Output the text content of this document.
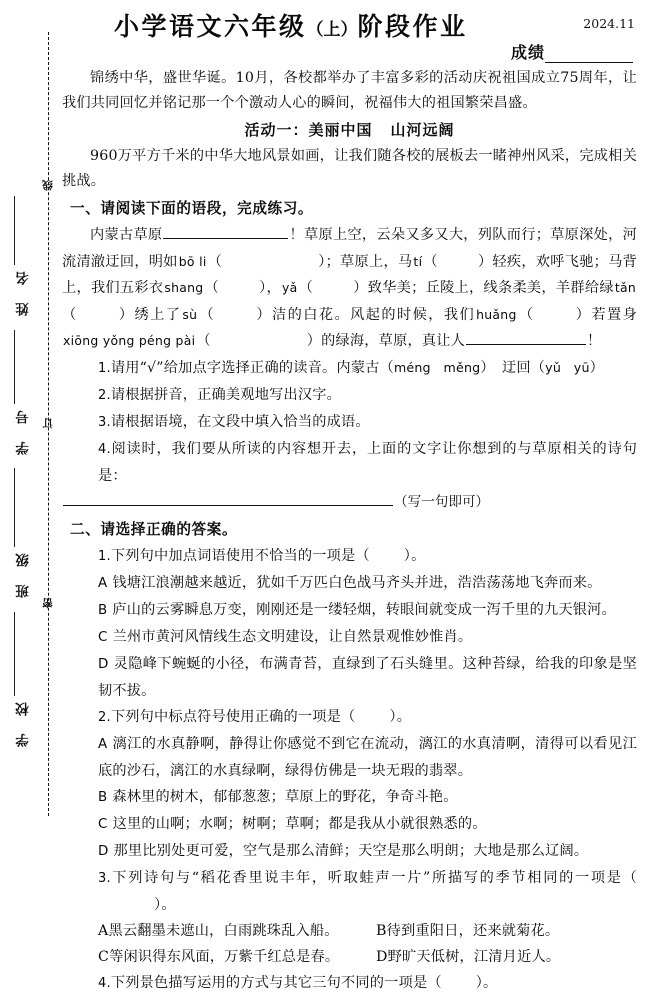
线
订
密
姓　名
学　号
班　级
学　校
小学语文六年级（上）阶段作业	2024.11
成绩

锦绣中华，盛世华诞。10月，各校都举办了丰富多彩的活动庆祝祖国成立75周年，让我们共同回忆并铭记那一个个激动人心的瞬间，祝福伟大的祖国繁荣昌盛。

活动一：美丽中国 山河远阔

960万平方千米的中华大地风景如画，让我们随各校的展板去一睹神州风采，完成相关挑战。

一、请阅读下面的语段，完成练习。

内蒙古草原	！草原上空，云朵又多又大，列队而行；草原深处，河流清澈迂回，明如bō li（	）；草原上，马tí（	）轻疾，欢呼飞驰；马背上，我们五彩衣shang（	），yǎ（	）致华美；丘陵上，线条柔美，羊群给绿tǎn（	）绣上了sù（	）洁的白花。风起的时候，我们huǎng（	）若置身xiōng yǒng péng pài（	）的绿海，草原，真让人	！

1.请用“√”给加点字选择正确的读音。内蒙古（méng　měng）　迂回（yǔ　yū）

2.请根据拼音，正确美观地写出汉字。

3.请根据语境，在文段中填入恰当的成语。

4.阅读时，我们要从所读的内容想开去，上面的文字让你想到的与草原相关的诗句是：

（写一句即可）

二、请选择正确的答案。

1.下列句中加点词语使用不恰当的一项是（ ）。

A 钱塘江浪潮越来越近，犹如千万匹白色战马齐头并进，浩浩荡荡地飞奔而来。

B 庐山的云雾瞬息万变，刚刚还是一缕轻烟，转眼间就变成一泻千里的九天银河。

C 兰州市黄河风情线生态文明建设，让自然景观惟妙惟肖。

D 灵隐峰下蜿蜒的小径，布满青苔，直绿到了石头缝里。这种苔绿，给我的印象是坚韧不拔。

2.下列句中标点符号使用正确的一项是（ ）。

A 漓江的水真静啊，静得让你感觉不到它在流动，漓江的水真清啊，清得可以看见江底的沙石，漓江的水真绿啊，绿得仿佛是一块无瑕的翡翠。

B 森林里的树木，郁郁葱葱；草原上的野花，争奇斗艳。

C 这里的山啊；水啊；树啊；草啊；都是我从小就很熟悉的。

D 那里比别处更可爱，空气是那么清鲜；天空是那么明朗；大地是那么辽阔。

3.下列诗句与“稻花香里说丰年，听取蛙声一片”所描写的季节相同的一项是（）。

A黑云翻墨未遮山，白雨跳珠乱入船。	B待到重阳日，还来就菊花。
C等闲识得东风面，万紫千红总是春。	D野旷天低树，江清月近人。

4.下列景色描写运用的方式与其它三句不同的一项是（ ）。
